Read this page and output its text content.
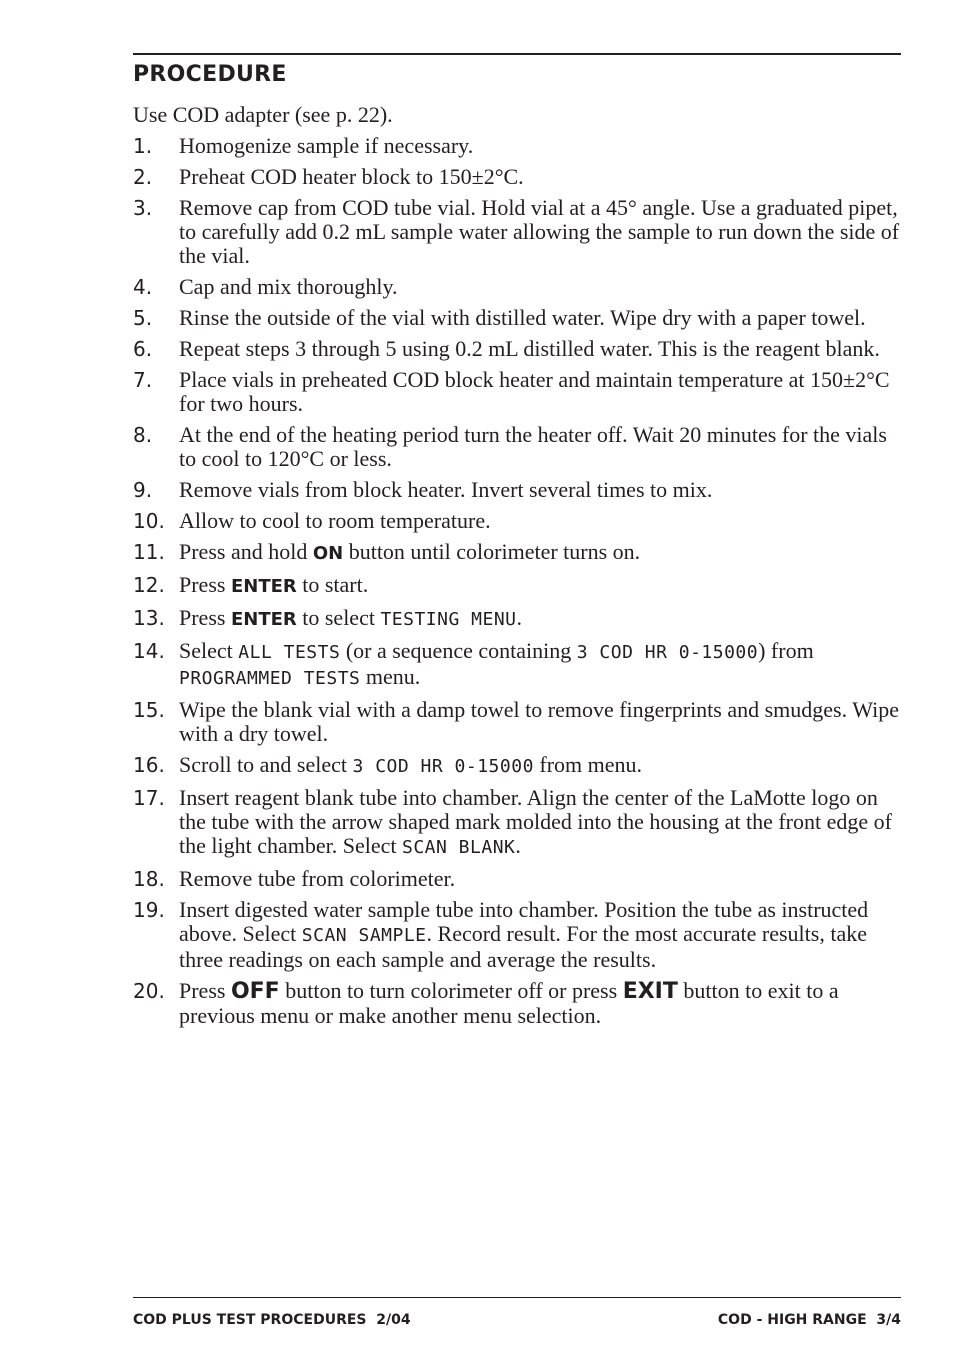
PROCEDURE
Use COD adapter (see p. 22).
1. Homogenize sample if necessary.
2. Preheat COD heater block to 150±2°C.
3. Remove cap from COD tube vial. Hold vial at a 45° angle. Use a graduated pipet, to carefully add 0.2 mL sample water allowing the sample to run down the side of the vial.
4. Cap and mix thoroughly.
5. Rinse the outside of the vial with distilled water. Wipe dry with a paper towel.
6. Repeat steps 3 through 5 using 0.2 mL distilled water. This is the reagent blank.
7. Place vials in preheated COD block heater and maintain temperature at 150±2°C for two hours.
8. At the end of the heating period turn the heater off. Wait 20 minutes for the vials to cool to 120°C or less.
9. Remove vials from block heater. Invert several times to mix.
10. Allow to cool to room temperature.
11. Press and hold ON button until colorimeter turns on.
12. Press ENTER to start.
13. Press ENTER to select TESTING MENU.
14. Select ALL TESTS (or a sequence containing 3 COD HR 0-15000) from PROGRAMMED TESTS menu.
15. Wipe the blank vial with a damp towel to remove fingerprints and smudges. Wipe with a dry towel.
16. Scroll to and select 3 COD HR 0-15000 from menu.
17. Insert reagent blank tube into chamber. Align the center of the LaMotte logo on the tube with the arrow shaped mark molded into the housing at the front edge of the light chamber. Select SCAN BLANK.
18. Remove tube from colorimeter.
19. Insert digested water sample tube into chamber. Position the tube as instructed above. Select SCAN SAMPLE. Record result. For the most accurate results, take three readings on each sample and average the results.
20. Press OFF button to turn colorimeter off or press EXIT button to exit to a previous menu or make another menu selection.
COD PLUS TEST PROCEDURES  2/04	COD - HIGH RANGE  3/4
